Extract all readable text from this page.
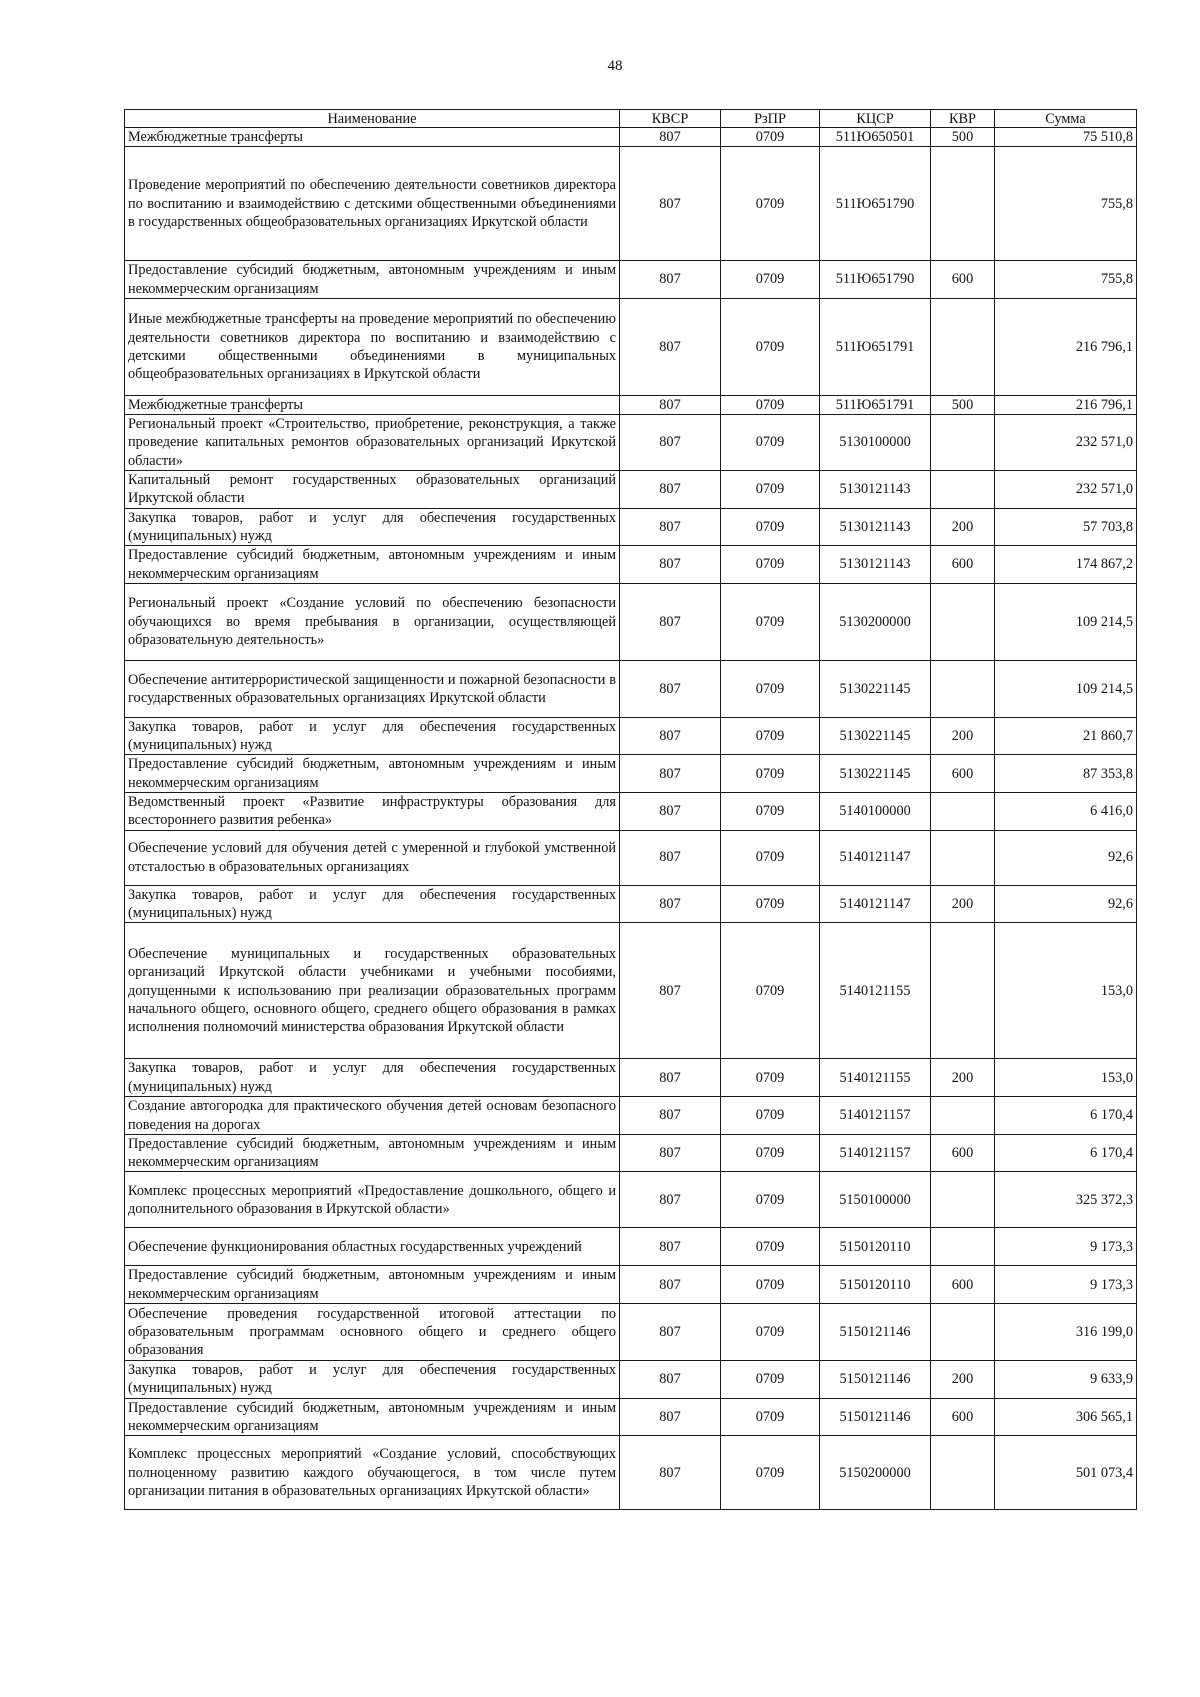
48
Наименование	КВСР	РзПР	КЦСР	КВР	Сумма
Межбюджетные трансферты	807	0709	511Ю650501	500	75 510,8
Проведение мероприятий по обеспечению деятельности советников директора по воспитанию и взаимодействию с детскими общественными объединениями в государственных общеобразовательных организациях Иркутской области	807	0709	511Ю651790		755,8
Предоставление субсидий бюджетным, автономным учреждениям и иным некоммерческим организациям	807	0709	511Ю651790	600	755,8
Иные межбюджетные трансферты на проведение мероприятий по обеспечению деятельности советников директора по воспитанию и взаимодействию с детскими общественными объединениями в муниципальных общеобразовательных организациях в Иркутской области	807	0709	511Ю651791		216 796,1
Межбюджетные трансферты	807	0709	511Ю651791	500	216 796,1
Региональный проект «Строительство, приобретение, реконструкция, а также проведение капитальных ремонтов образовательных организаций Иркутской области»	807	0709	5130100000		232 571,0
Капитальный ремонт государственных образовательных организаций Иркутской области	807	0709	5130121143		232 571,0
Закупка товаров, работ и услуг для обеспечения государственных (муниципальных) нужд	807	0709	5130121143	200	57 703,8
Предоставление субсидий бюджетным, автономным учреждениям и иным некоммерческим организациям	807	0709	5130121143	600	174 867,2
Региональный проект «Создание условий по обеспечению безопасности обучающихся во время пребывания в организации, осуществляющей образовательную деятельность»	807	0709	5130200000		109 214,5
Обеспечение антитеррористической защищенности и пожарной безопасности в государственных образовательных организациях Иркутской области	807	0709	5130221145		109 214,5
Закупка товаров, работ и услуг для обеспечения государственных (муниципальных) нужд	807	0709	5130221145	200	21 860,7
Предоставление субсидий бюджетным, автономным учреждениям и иным некоммерческим организациям	807	0709	5130221145	600	87 353,8
Ведомственный проект «Развитие инфраструктуры образования для всестороннего развития ребенка»	807	0709	5140100000		6 416,0
Обеспечение условий для обучения детей с умеренной и глубокой умственной отсталостью в образовательных организациях	807	0709	5140121147		92,6
Закупка товаров, работ и услуг для обеспечения государственных (муниципальных) нужд	807	0709	5140121147	200	92,6
Обеспечение муниципальных и государственных образовательных организаций Иркутской области учебниками и учебными пособиями, допущенными к использованию при реализации образовательных программ начального общего, основного общего, среднего общего образования в рамках исполнения полномочий министерства образования Иркутской области	807	0709	5140121155		153,0
Закупка товаров, работ и услуг для обеспечения государственных (муниципальных) нужд	807	0709	5140121155	200	153,0
Создание автогородка для практического обучения детей основам безопасного поведения на дорогах	807	0709	5140121157		6 170,4
Предоставление субсидий бюджетным, автономным учреждениям и иным некоммерческим организациям	807	0709	5140121157	600	6 170,4
Комплекс процессных мероприятий «Предоставление дошкольного, общего и дополнительного образования в Иркутской области»	807	0709	5150100000		325 372,3
Обеспечение функционирования областных государственных учреждений	807	0709	5150120110		9 173,3
Предоставление субсидий бюджетным, автономным учреждениям и иным некоммерческим организациям	807	0709	5150120110	600	9 173,3
Обеспечение проведения государственной итоговой аттестации по образовательным программам основного общего и среднего общего образования	807	0709	5150121146		316 199,0
Закупка товаров, работ и услуг для обеспечения государственных (муниципальных) нужд	807	0709	5150121146	200	9 633,9
Предоставление субсидий бюджетным, автономным учреждениям и иным некоммерческим организациям	807	0709	5150121146	600	306 565,1
Комплекс процессных мероприятий «Создание условий, способствующих полноценному развитию каждого обучающегося, в том числе путем организации питания в образовательных организациях Иркутской области»	807	0709	5150200000		501 073,4
